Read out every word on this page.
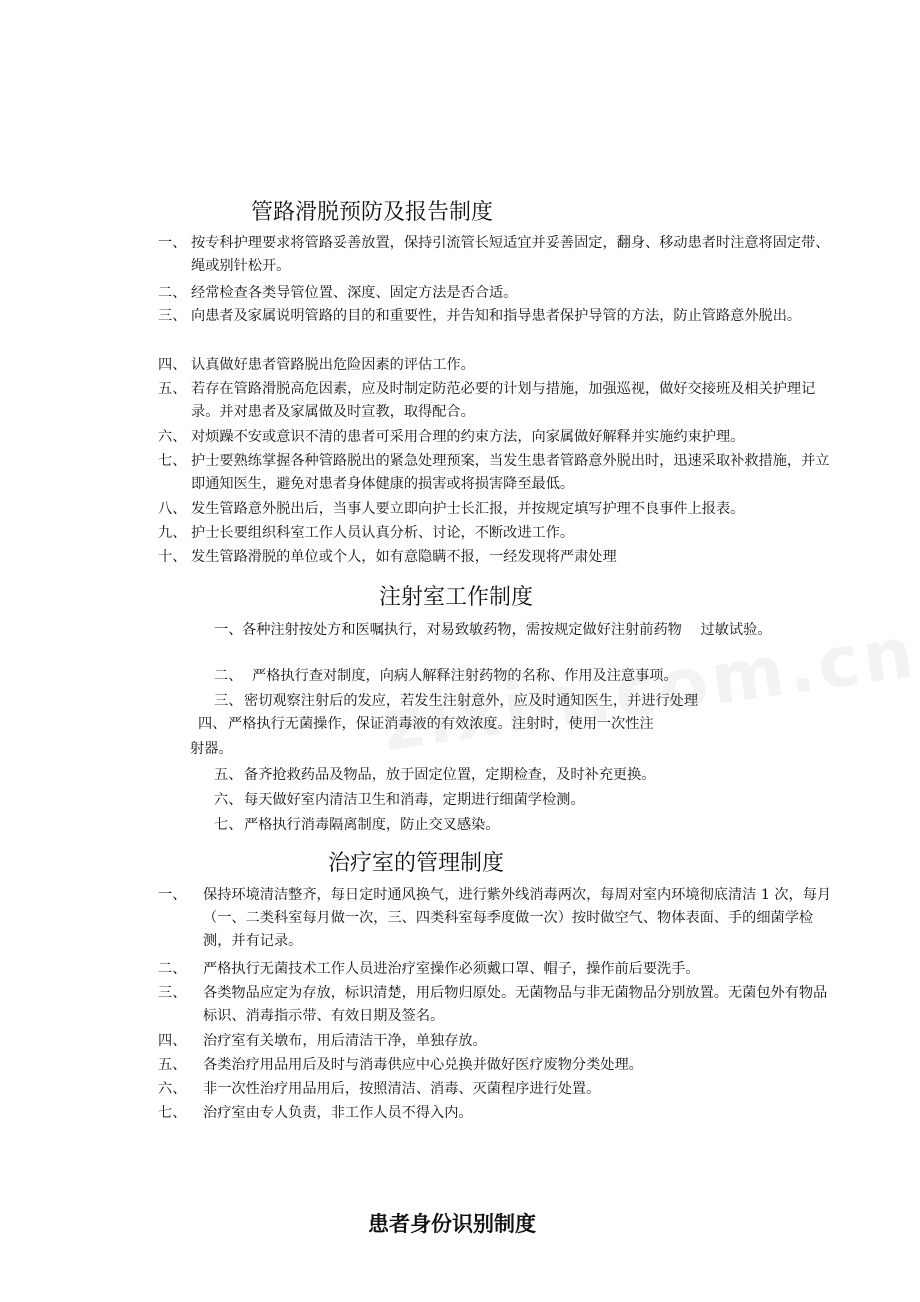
管路滑脱预防及报告制度
一、 按专科护理要求将管路妥善放置，保持引流管长短适宜并妥善固定，翻身、移动患者时注意将固定带、绳或别针松开。
二、 经常检查各类导管位置、深度、固定方法是否合适。
三、 向患者及家属说明管路的目的和重要性，并告知和指导患者保护导管的方法，防止管路意外脱出。
四、 认真做好患者管路脱出危险因素的评估工作。
五、 若存在管路滑脱高危因素，应及时制定防范必要的计划与措施，加强巡视，做好交接班及相关护理记录。并对患者及家属做及时宣教，取得配合。
六、 对烦躁不安或意识不清的患者可采用合理的约束方法，向家属做好解释并实施约束护理。
七、 护士要熟练掌握各种管路脱出的紧急处理预案，当发生患者管路意外脱出时，迅速采取补救措施，并立即通知医生，避免对患者身体健康的损害或将损害降至最低。
八、 发生管路意外脱出后，当事人要立即向护士长汇报，并按规定填写护理不良事件上报表。
九、 护士长要组织科室工作人员认真分析、讨论，不断改进工作。
十、 发生管路滑脱的单位或个人，如有意隐瞒不报，一经发现将严肃处理
注射室工作制度
一、 各种注射按处方和医嘱执行，对易致敏药物，需按规定做好注射前药物　 过敏试验。
二、 严格执行查对制度，向病人解释注射药物的名称、作用及注意事项。
三、 密切观察注射后的发应，若发生注射意外，应及时通知医生，并进行处理
四、 严格执行无菌操作，保证消毒液的有效浓度。注射时，使用一次性注
射器。
五、 备齐抢救药品及物品，放于固定位置，定期检查，及时补充更换。
六、 每天做好室内清洁卫生和消毒，定期进行细菌学检测。
七、 严格执行消毒隔离制度，防止交叉感染。
治疗室的管理制度
一、	保持环境清洁整齐，每日定时通风换气，进行紫外线消毒两次，每周对室内环境彻底清洁 1 次，每月（一、二类科室每月做一次，三、四类科室每季度做一次）按时做空气、物体表面、手的细菌学检测，并有记录。
二、	严格执行无菌技术工作人员进治疗室操作必须戴口罩、帽子，操作前后要洗手。
三、	各类物品应定为存放，标识清楚，用后物归原处。无菌物品与非无菌物品分别放置。无菌包外有物品标识、消毒指示带、有效日期及签名。
四、	治疗室有关墩布，用后清洁干净，单独存放。
五、	各类治疗用品用后及时与消毒供应中心兑换并做好医疗废物分类处理。
六、	非一次性治疗用品用后，按照清洁、消毒、灭菌程序进行处置。
七、	治疗室由专人负责，非工作人员不得入内。
患者身份识别制度
